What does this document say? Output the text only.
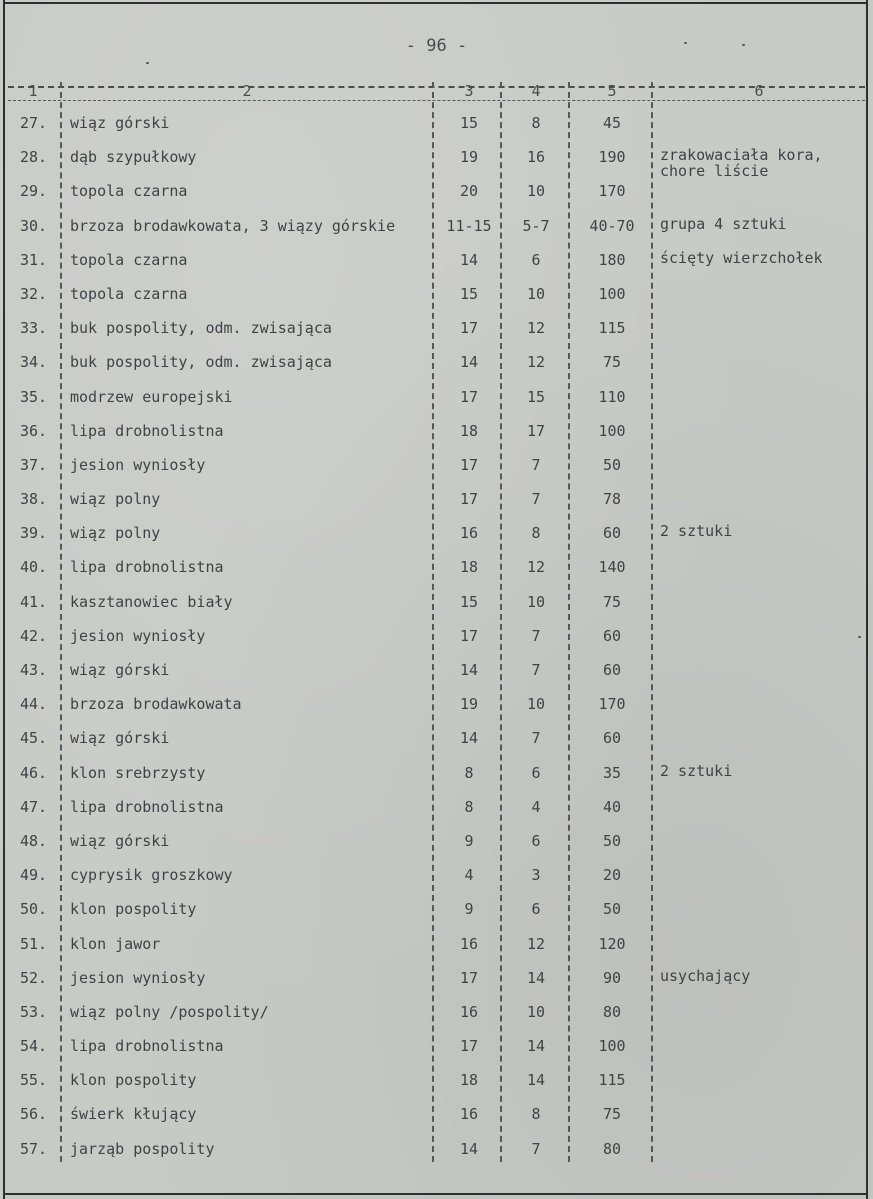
- 96 -
1	2	3	4	5	6
27.	wiąz górski	15	8	45
28.	dąb szypułkowy	19	16	190	zrakowaciała kora,
chore liście
29.	topola czarna	20	10	170
30.	brzoza brodawkowata, 3 wiązy górskie	11-15	5-7	40-70	grupa 4 sztuki
31.	topola czarna	14	6	180	ścięty wierzchołek
32.	topola czarna	15	10	100
33.	buk pospolity, odm. zwisająca	17	12	115
34.	buk pospolity, odm. zwisająca	14	12	75
35.	modrzew europejski	17	15	110
36.	lipa drobnolistna	18	17	100
37.	jesion wyniosły	17	7	50
38.	wiąz polny	17	7	78
39.	wiąz polny	16	8	60	2 sztuki
40.	lipa drobnolistna	18	12	140
41.	kasztanowiec biały	15	10	75
42.	jesion wyniosły	17	7	60
43.	wiąz górski	14	7	60
44.	brzoza brodawkowata	19	10	170
45.	wiąz górski	14	7	60
46.	klon srebrzysty	8	6	35	2 sztuki
47.	lipa drobnolistna	8	4	40
48.	wiąz górski	9	6	50
49.	cyprysik groszkowy	4	3	20
50.	klon pospolity	9	6	50
51.	klon jawor	16	12	120
52.	jesion wyniosły	17	14	90	usychający
53.	wiąz polny /pospolity/	16	10	80
54.	lipa drobnolistna	17	14	100
55.	klon pospolity	18	14	115
56.	świerk kłujący	16	8	75
57.	jarząb pospolity	14	7	80
